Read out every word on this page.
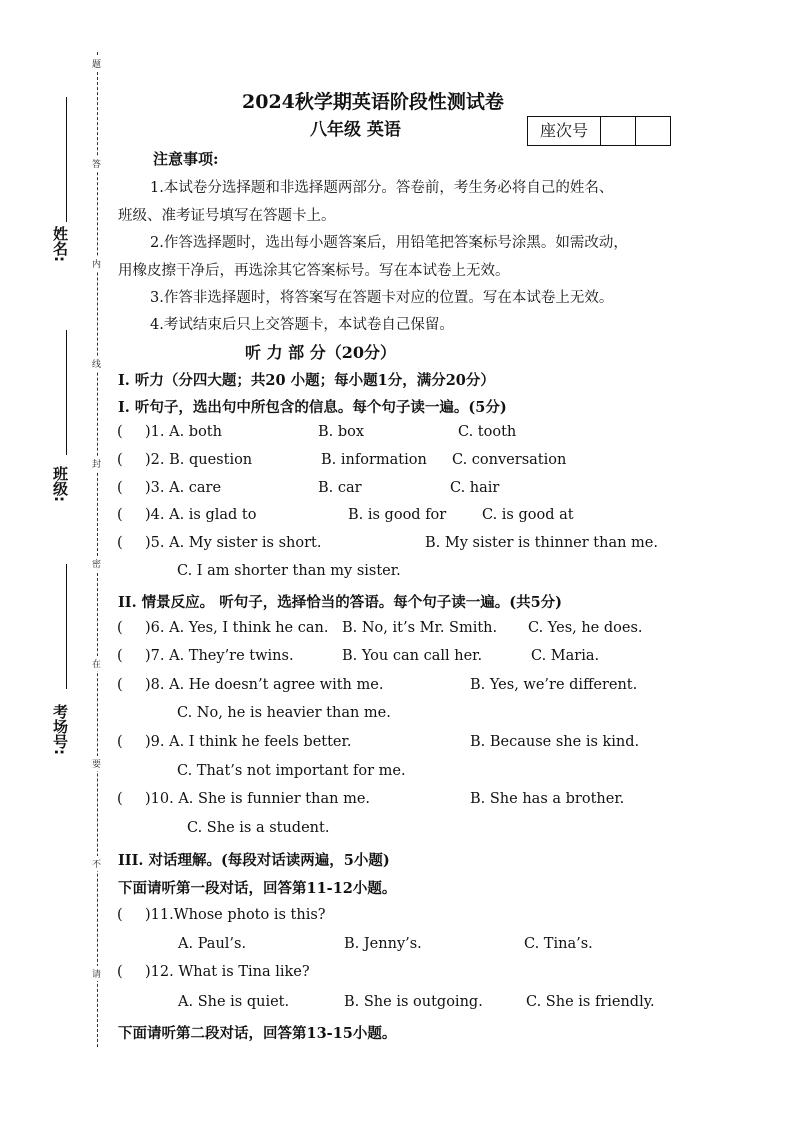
姓名:
班级:
考场号:
题
答
内
线
封
密
在
要
不
请
2024秋学期英语阶段性测试卷
八年级 英语	座次号
注意事项:
1.本试卷分选择题和非选择题两部分。答卷前，考生务必将自己的姓名、
班级、准考证号填写在答题卡上。
2.作答选择题时，选出每小题答案后，用铅笔把答案标号涂黑。如需改动，
用橡皮擦干净后，再选涂其它答案标号。写在本试卷上无效。
3.作答非选择题时，将答案写在答题卡对应的位置。写在本试卷上无效。
4.考试结束后只上交答题卡，本试卷自己保留。
听 力 部 分（20分）
I. 听力（分四大题；共20 小题；每小题1分，满分20分）
I. 听句子，选出句中所包含的信息。每个句子读一遍。(5分)
( )1. A. both	B. box	C. tooth
( )2. B. question	B. information C. conversation
( )3. A. care	B. car	C. hair
( )4. A. is glad to	B. is good for C. is good at
( )5. A. My sister is short.	B. My sister is thinner than me.
C. I am shorter than my sister.
II. 情景反应。 听句子，选择恰当的答语。每个句子读一遍。(共5分)
( )6. A. Yes, I think he can. B. No, it’s Mr. Smith. C. Yes, he does.
( )7. A. They’re twins.	B. You can call her.	C. Maria.
( )8. A. He doesn’t agree with me.	B. Yes, we’re different.
C. No, he is heavier than me.
( )9. A. I think he feels better.	B. Because she is kind.
C. That’s not important for me.
( )10. A. She is funnier than me.	B. She has a brother.
C. She is a student.
III. 对话理解。(每段对话读两遍，5小题)
下面请听第一段对话，回答第11-12小题。
( )11.Whose photo is this?
A. Paul’s.	B. Jenny’s.	C. Tina’s.
( )12. What is Tina like?
A. She is quiet.	B. She is outgoing.	C. She is friendly.
下面请听第二段对话，回答第13-15小题。
